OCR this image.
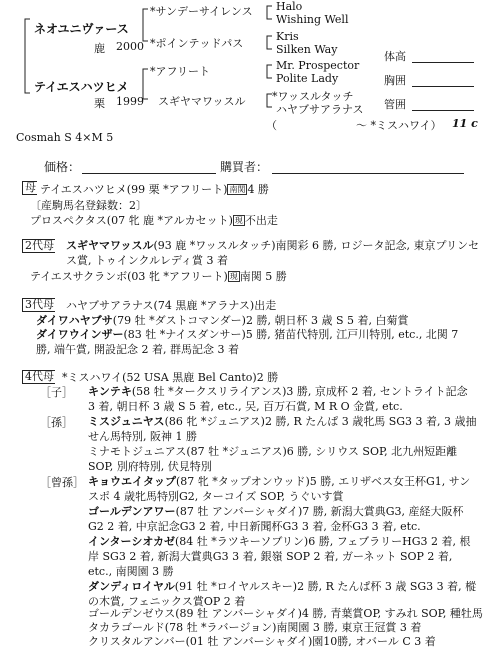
ネオユニヴァース
鹿 2000
テイエスハツヒメ
栗 1999
*サンデーサイレンス
*ポインテッドパス
*アフリート
スギヤマワッスル
Halo
Wishing Well
Kris
Silken Way
Mr. Prospector
Polite Lady
*ワッスルタッチ
ハヤブサアラナス
（	～ *ミスハワイ） 11 c
体高
胸囲
管囲
Cosmah S 4×M 5
価格：	購買者：
母 テイエスハツヒメ(99 栗 *アフリート) 南関 4 勝
〔産駒馬名登録数：2〕
プロスペクタス(07 牝 鹿 *アルカセット) 現 不出走
2代母 スギヤマワッスル(93 鹿 *ワッスルタッチ)南関彩 6 勝, ロジータ記念, 東京プリンセス賞, トゥインクルレディ賞 3 着
テイエスサクランボ(03 牝 *アフリート) 現 南関 5 勝
3代母 ハヤブサアラナス(74 黒鹿 *アラナス)出走
ダイワハヤブサ(79 牡 *ダストコマンダー)2 勝, 朝日杯 3 歳 S 5 着, 白菊賞
ダイワウインザー(83 牡 *ナイスダンサー)5 勝, 猪苗代特別, 江戸川特別, etc., 北関 7 勝, 端午賞, 開設記念 2 着, 群馬記念 3 着
4代母 *ミスハワイ(52 USA 黒鹿 Bel Canto)2 勝
［子］ キンテキ(58 牡 *タークスリライアンス)3 勝, 京成杯 2 着, セントライト記念 3 着, 朝日杯 3 歳 S 5 着, etc., 㕦, 百万石賞, M R O 金賞, etc.
［孫］ ミスジュニヤス(86 牝 *ジュニアス)2 勝, R たんぱ 3 歳牝馬 SG3 3 着, 3 歳抽せん馬特別, 阪神 1 勝
ミナモトジュニアス(87 牡 *ジュニアス)6 勝, シリウス SOP, 北九州短距離 SOP, 別府特別, 伏見特別
［曾孫］ キョウエイタップ(87 牝 *タップオンウッド)5 勝, エリザベス女王杯G1, サンスポ 4 歳牝馬特別G2, ターコイズ SOP, うぐいす賞
ゴールデンアワー(87 牡 アンバーシャダイ)7 勝, 新潟大賞典G3, 産経大阪杯G2 2 着, 中京記念G3 2 着, 中日新聞杯G3 3 着, 金杯G3 3 着, etc.
インターシオカゼ(84 牡 *ラツキーソブリン)6 勝, フェブラリーHG3 2 着, 根岸 SG3 2 着, 新潟大賞典G3 3 着, 銀嶺 SOP 2 着, ガーネット SOP 2 着, etc., 南関園 3 勝
ダンディロイヤル(91 牡 *ロイヤルスキー)2 勝, R たんぱ杯 3 歳 SG3 3 着, 樅の木賞, フェニックス賞OP 2 着
ゴールデンゼウス(89 牡 アンバーシャダイ)4 勝, 青葉賞OP, すみれ SOP, 種牡馬
タカラゴールド(78 牡 *ラバージョン)南関園 3 勝, 東京王冠賞 3 着
クリスタルアンバー(01 牡 アンバーシャダイ)園10勝, オバール C 3 着
